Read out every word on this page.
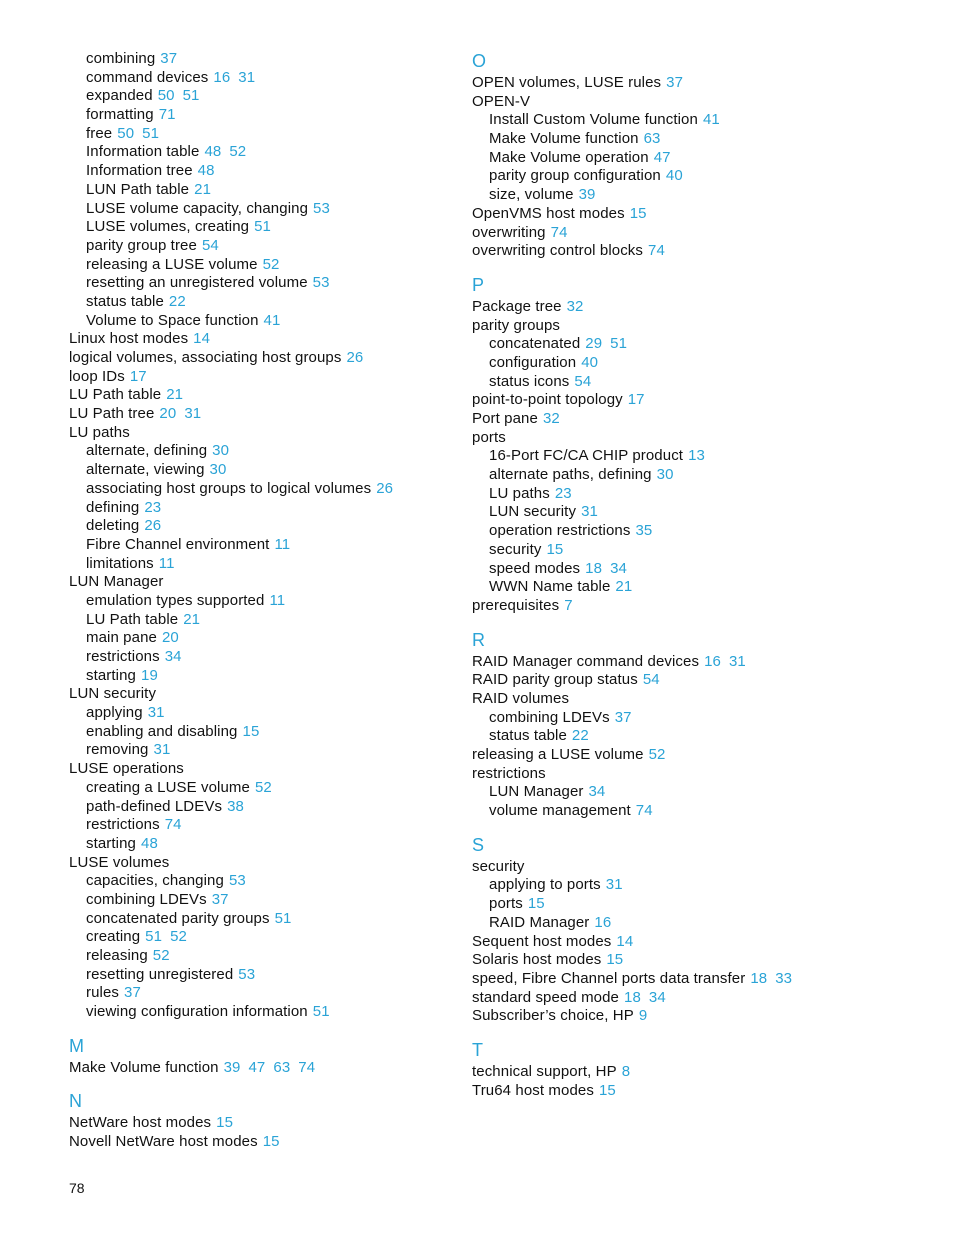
combining 37
command devices 16 31
expanded 50 51
formatting 71
free 50 51
Information table 48 52
Information tree 48
LUN Path table 21
LUSE volume capacity, changing 53
LUSE volumes, creating 51
parity group tree 54
releasing a LUSE volume 52
resetting an unregistered volume 53
status table 22
Volume to Space function 41
Linux host modes 14
logical volumes, associating host groups 26
loop IDs 17
LU Path table 21
LU Path tree 20 31
LU paths
alternate, defining 30
alternate, viewing 30
associating host groups to logical volumes 26
defining 23
deleting 26
Fibre Channel environment 11
limitations 11
LUN Manager
emulation types supported 11
LU Path table 21
main pane 20
restrictions 34
starting 19
LUN security
applying 31
enabling and disabling 15
removing 31
LUSE operations
creating a LUSE volume 52
path-defined LDEVs 38
restrictions 74
starting 48
LUSE volumes
capacities, changing 53
combining LDEVs 37
concatenated parity groups 51
creating 51 52
releasing 52
resetting unregistered 53
rules 37
viewing configuration information 51
M
Make Volume function 39 47 63 74
N
NetWare host modes 15
Novell NetWare host modes 15
O
OPEN volumes, LUSE rules 37
OPEN-V
Install Custom Volume function 41
Make Volume function 63
Make Volume operation 47
parity group configuration 40
size, volume 39
OpenVMS host modes 15
overwriting 74
overwriting control blocks 74
P
Package tree 32
parity groups
concatenated 29 51
configuration 40
status icons 54
point-to-point topology 17
Port pane 32
ports
16-Port FC/CA CHIP product 13
alternate paths, defining 30
LU paths 23
LUN security 31
operation restrictions 35
security 15
speed modes 18 34
WWN Name table 21
prerequisites 7
R
RAID Manager command devices 16 31
RAID parity group status 54
RAID volumes
combining LDEVs 37
status table 22
releasing a LUSE volume 52
restrictions
LUN Manager 34
volume management 74
S
security
applying to ports 31
ports 15
RAID Manager 16
Sequent host modes 14
Solaris host modes 15
speed, Fibre Channel ports data transfer 18 33
standard speed mode 18 34
Subscriber’s choice, HP 9
T
technical support, HP 8
Tru64 host modes 15
78
